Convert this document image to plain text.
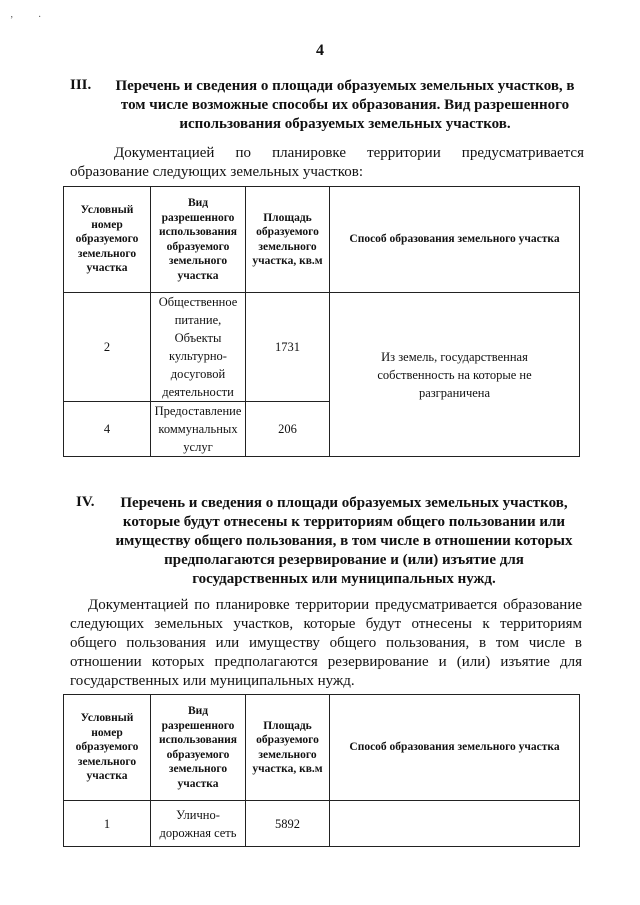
ʼ ·
4
III.	Перечень и сведения о площади образуемых земельных участков, в
том числе возможные способы их образования. Вид разрешенного
использования образуемых земельных участков.
Документацией по планировке территории предусматривается
образование следующих земельных участков:
Условный номер образуемого земельного участка	Вид разрешенного использования образуемого земельного участка	Площадь образуемого земельного участка, кв.м	Способ образования земельного участка
2	Общественное питание, Объекты культурно-досуговой деятельности	1731	Из земель, государственная собственность на которые не разграничена
4	Предоставление коммунальных услуг	206	
IV.	Перечень и сведения о площади образуемых земельных участков,
которые будут отнесены к территориям общего пользовании или
имуществу общего пользования, в том числе в отношении которых
предполагаются резервирование и (или) изъятие для
государственных или муниципальных нужд.
Документацией по планировке территории предусматривается образование
следующих земельных участков, которые будут отнесены к территориям
общего пользования или имуществу общего пользования, в том числе в
отношении которых предполагаются резервирование и (или) изъятие для
государственных или муниципальных нужд.
Условный номер образуемого земельного участка	Вид разрешенного использования образуемого земельного участка	Площадь образуемого земельного участка, кв.м	Способ образования земельного участка
1	Улично-дорожная сеть	5892	
